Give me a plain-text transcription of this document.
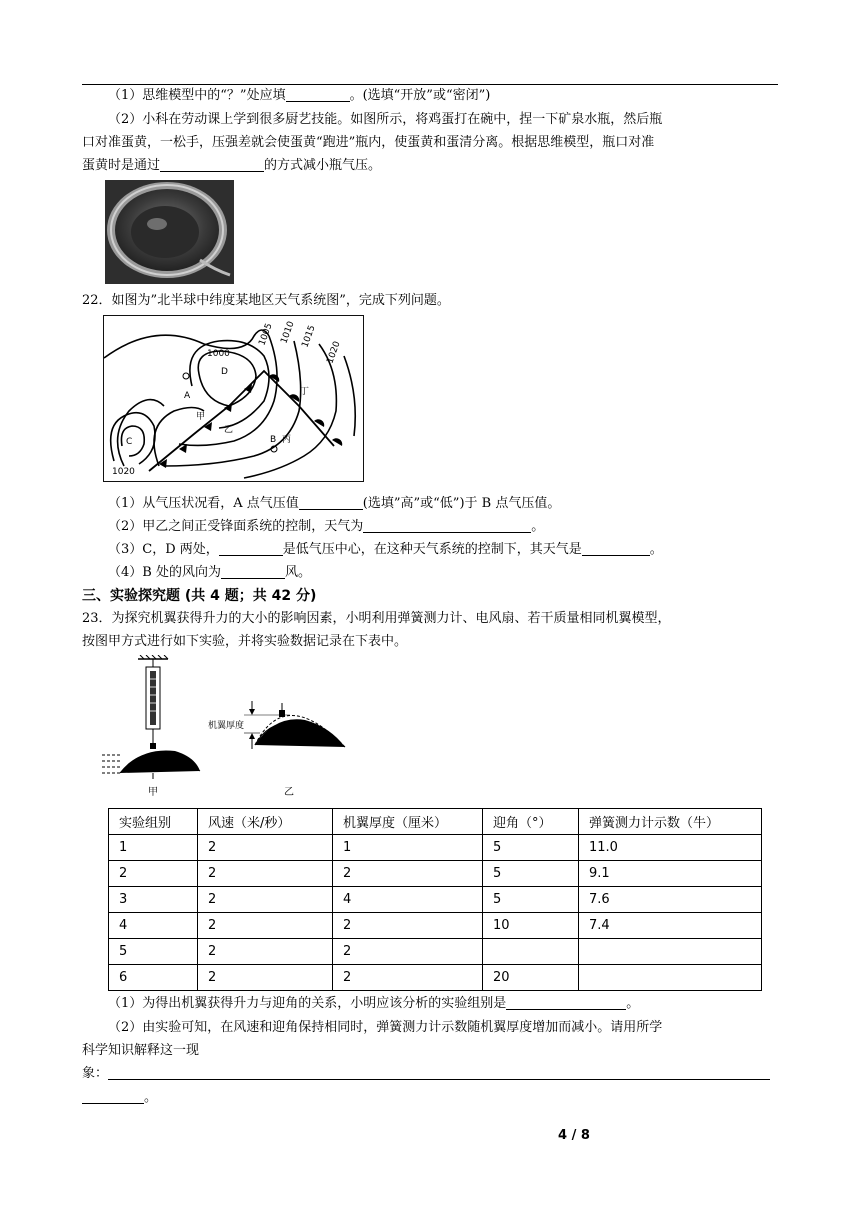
（1）思维模型中的“？”处应填	。(选填“开放”或“密闭”)
（2）小科在劳动课上学到很多厨艺技能。如图所示，将鸡蛋打在碗中，捏一下矿泉水瓶，然后瓶
口对准蛋黄，一松手，压强差就会使蛋黄“跑进”瓶内，使蛋黄和蛋清分离。根据思维模型，瓶口对准
蛋黄时是通过	的方式减小瓶气压。
22．如图为”北半球中纬度某地区天气系统图”，完成下列问题。
1000
1005 1010 1015
1020
1020
A
B
C
D
甲
乙
丙
丁
（1）从气压状况看，A 点气压值	(选填”高”或“低”)于 B 点气压值。
（2）甲乙之间正受锋面系统的控制，天气为	。
（3）C，D 两处，	是低气压中心，在这种天气系统的控制下，其天气是	。
（4）B 处的风向为	风。
三、实验探究题 (共 4 题；共 42 分)
23．为探究机翼获得升力的大小的影响因素，小明利用弹簧测力计、电风扇、若干质量相同机翼模型，
按图甲方式进行如下实验，并将实验数据记录在下表中。
甲
机翼厚度
乙
实验组别	风速（米/秒）	机翼厚度（厘米）	迎角（°）	弹簧测力计示数（牛）
1	2	1	5	11.0
2	2	2	5	9.1
3	2	4	5	7.6
4	2	2	10	7.4
5	2	2		
6	2	2	20	
（1）为得出机翼获得升力与迎角的关系，小明应该分析的实验组别是	。
（2）由实验可知，在风速和迎角保持相同时，弹簧测力计示数随机翼厚度增加而减小。请用所学
科学知识解释这一现
象：
。
4 / 8
